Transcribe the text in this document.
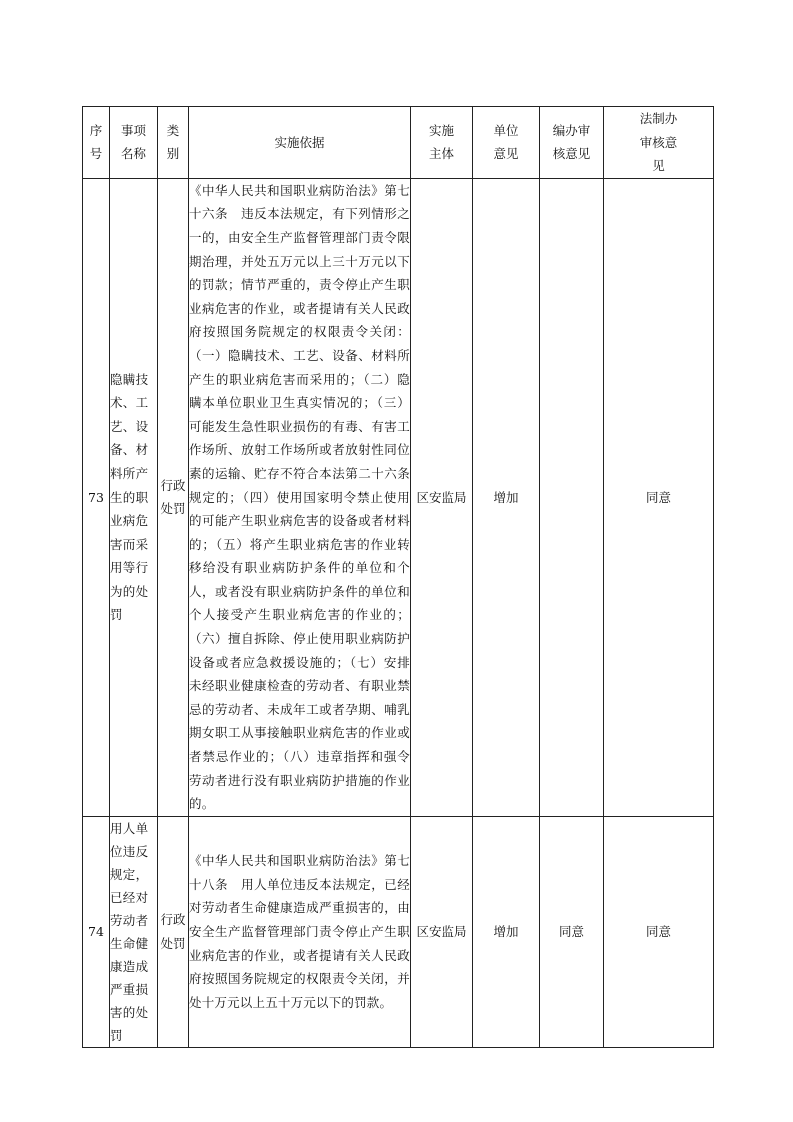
序号	事项名称	类别	实施依据	实施主体	单位意见	编办审核意见	法制办审核意见
73	隐瞒技术、工艺、设备、材料所产生的职业病危害而采用等行为的处罚	行政处罚	《中华人民共和国职业病防治法》第七十六条　违反本法规定，有下列情形之一的，由安全生产监督管理部门责令限期治理，并处五万元以上三十万元以下的罚款；情节严重的，责令停止产生职业病危害的作业，或者提请有关人民政府按照国务院规定的权限责令关闭：（一）隐瞒技术、工艺、设备、材料所产生的职业病危害而采用的；（二）隐瞒本单位职业卫生真实情况的；（三）可能发生急性职业损伤的有毒、有害工作场所、放射工作场所或者放射性同位素的运输、贮存不符合本法第二十六条规定的；（四）使用国家明令禁止使用的可能产生职业病危害的设备或者材料的；（五）将产生职业病危害的作业转移给没有职业病防护条件的单位和个人，或者没有职业病防护条件的单位和个人接受产生职业病危害的作业的；（六）擅自拆除、停止使用职业病防护设备或者应急救援设施的；（七）安排未经职业健康检查的劳动者、有职业禁忌的劳动者、未成年工或者孕期、哺乳期女职工从事接触职业病危害的作业或者禁忌作业的；（八）违章指挥和强令劳动者进行没有职业病防护措施的作业的。	区安监局	增加		同意
74	用人单位违反规定，已经对劳动者生命健康造成严重损害的处罚	行政处罚	《中华人民共和国职业病防治法》第七十八条　用人单位违反本法规定，已经对劳动者生命健康造成严重损害的，由安全生产监督管理部门责令停止产生职业病危害的作业，或者提请有关人民政府按照国务院规定的权限责令关闭，并处十万元以上五十万元以下的罚款。	区安监局	增加	同意	同意
